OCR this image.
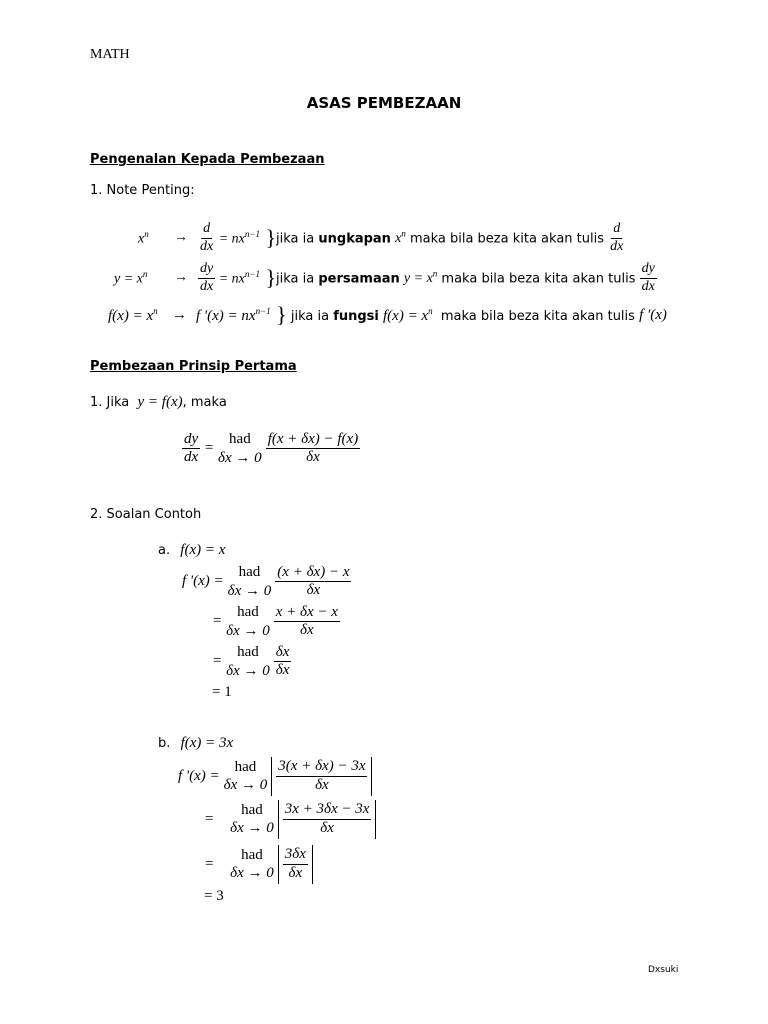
MATH
ASAS PEMBEZAAN
Pengenalan Kepada Pembezaan
1. Note Penting:
$x^n$	→ $\frac{d}{dx} = nx^{n-1}$ } jika ia ungkapan $x^n$ maka bila beza kita akan tulis $\frac{d}{dx}$
$y = x^n$	→ $\frac{dy}{dx} = nx^{n-1}$ } jika ia persamaan $y = x^n$ maka bila beza kita akan tulis $\frac{dy}{dx}$
$f(x) = x^n \to f$ '$(x) = nx^{n-1}$ } jika ia fungsi $f(x) = x^n$  maka bila beza kita akan tulis f '(x)
Pembezaan Prinsip Pertama
1. Jika
y = f(x) , maka
$\frac{dy}{dx}$ =
had
$\delta x \to 0 \frac{f(x + \delta x) - f(x)}{\delta x}$
2. Soalan Contoh
a.
f(x) = x
f '(x) =
had
$\delta x \to 0 \frac{(x + \delta x) - x}{\delta x}$
=
had
$\delta x \to 0 \frac{x + \delta x - x}{\delta x}$
=
had
$\delta x \to 0 \frac{\delta x}{\delta x}$
= 1
b.
f(x) = 3x
f '(x) =
had
$\delta x \to 0 \frac{3(x + \delta x) - 3x}{\delta x}$
=
had
$\delta x \to 0 \frac{3x + 3\delta x - 3x}{\delta x}$
=
had
$\delta x \to 0 \frac{3\delta x}{\delta x}$
= 3
Dxsuki
